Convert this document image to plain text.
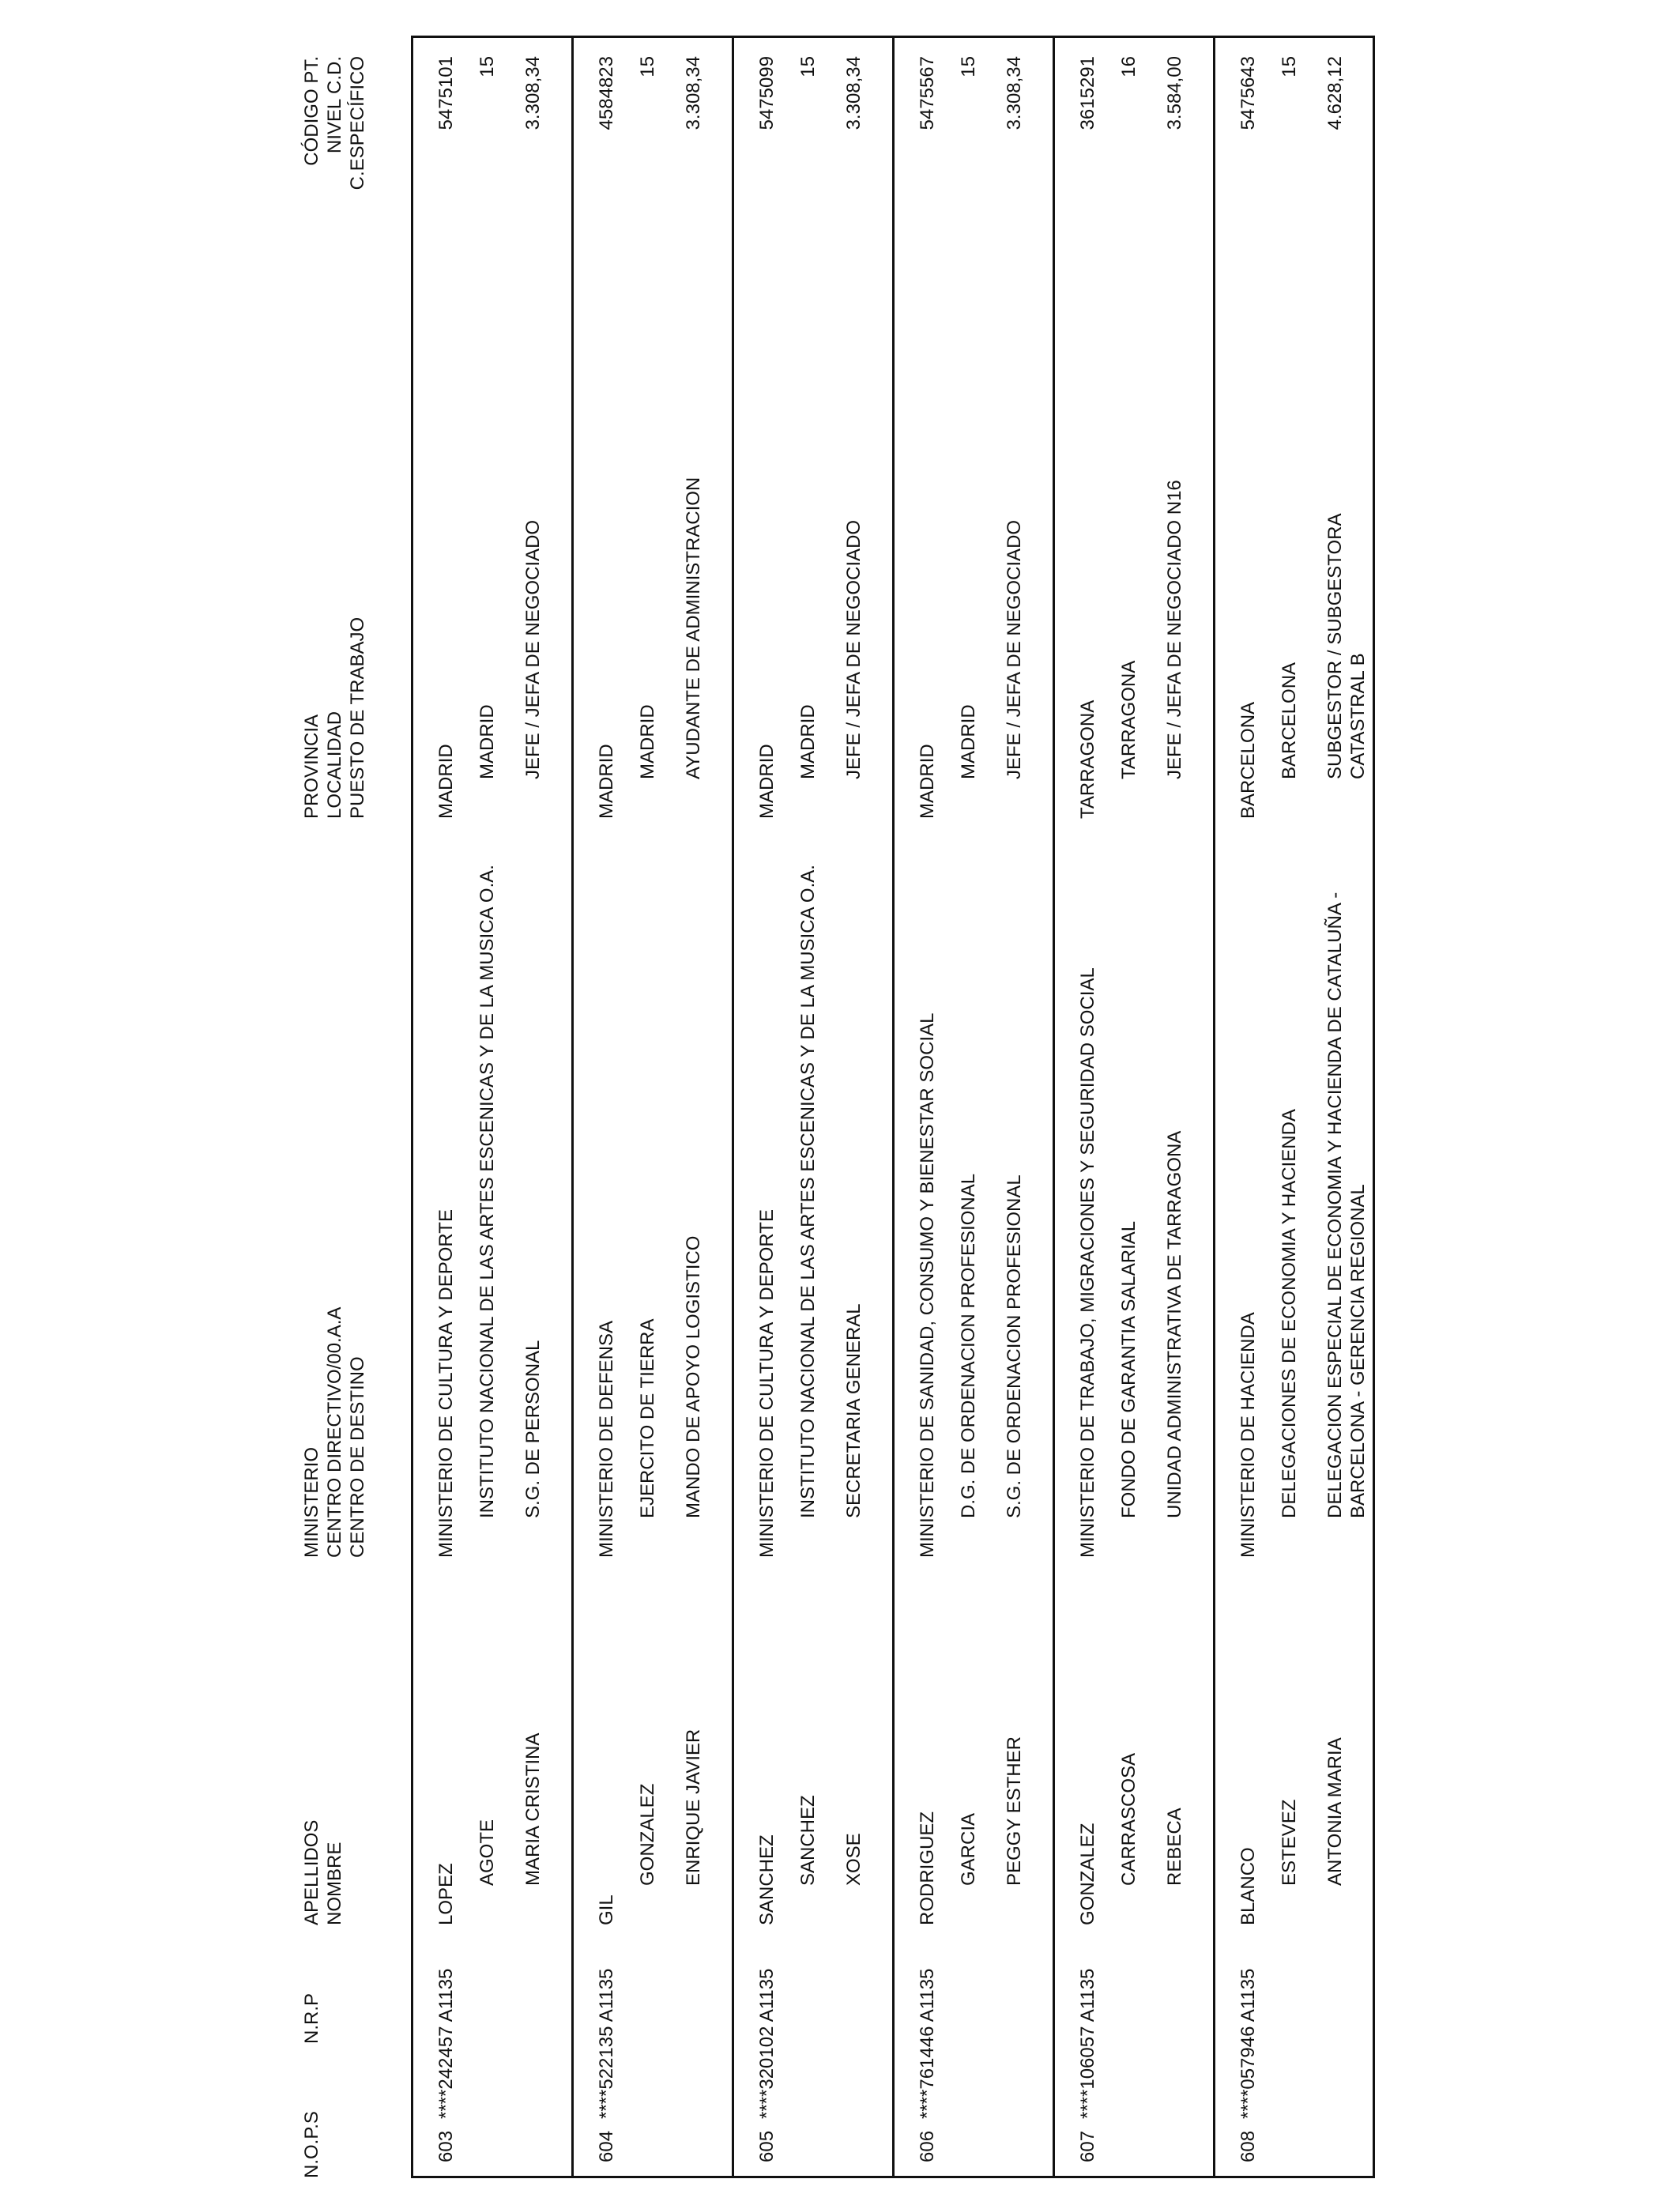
N.O.P.S
N.R.P
APELLIDOS NOMBRE
MINISTERIO CENTRO DIRECTIVO/00.A.A CENTRO DE DESTINO
PROVINCIA LOCALIDAD PUESTO DE TRABAJO
CÓDIGO PT. NIVEL C.D. C.ESPECÍFICO
603
****242457 A1135
LOPEZ
AGOTE MARIA CRISTINA
MINISTERIO DE CULTURA Y DEPORTE INSTITUTO NACIONAL DE LAS ARTES ESCENICAS Y DE LA MUSICA O.A. S.G. DE PERSONAL
MADRID
MADRID JEFE / JEFA DE NEGOCIADO
5475101 15 3.308,34
604
****522135 A1135
GIL
GONZALEZ ENRIQUE JAVIER
MINISTERIO DE DEFENSA EJERCITO DE TIERRA MANDO DE APOYO LOGISTICO
MADRID
MADRID AYUDANTE DE ADMINISTRACION
4584823 15 3.308,34
605
****320102 A1135
SANCHEZ SANCHEZ XOSE
MINISTERIO DE CULTURA Y DEPORTE INSTITUTO NACIONAL DE LAS ARTES ESCENICAS Y DE LA MUSICA O.A. SECRETARIA GENERAL
MADRID
MADRID JEFE / JEFA DE NEGOCIADO
5475099 15 3.308,34
606
****761446 A1135
RODRIGUEZ GARCIA PEGGY ESTHER
MINISTERIO DE SANIDAD, CONSUMO Y BIENESTAR SOCIAL D.G. DE ORDENACION PROFESIONAL S.G. DE ORDENACION PROFESIONAL
MADRID
MADRID JEFE / JEFA DE NEGOCIADO
5475567 15 3.308,34
607
****106057 A1135
GONZALEZ CARRASCOSA REBECA
MINISTERIO DE TRABAJO, MIGRACIONES Y SEGURIDAD SOCIAL FONDO DE GARANTIA SALARIAL UNIDAD ADMINISTRATIVA DE TARRAGONA
TARRAGONA TARRAGONA JEFE / JEFA DE NEGOCIADO N16
3615291 16 3.584,00
608
****057946 A1135
BLANCO
ESTEVEZ ANTONIA MARIA
MINISTERIO DE HACIENDA DELEGACIONES DE ECONOMIA Y HACIENDA DELEGACION ESPECIAL DE ECONOMIA Y HACIENDA DE CATALUÑA - BARCELONA - GERENCIA REGIONAL
BARCELONA BARCELONA SUBGESTOR / SUBGESTORA CATASTRAL B
5475643 15 4.628,12
